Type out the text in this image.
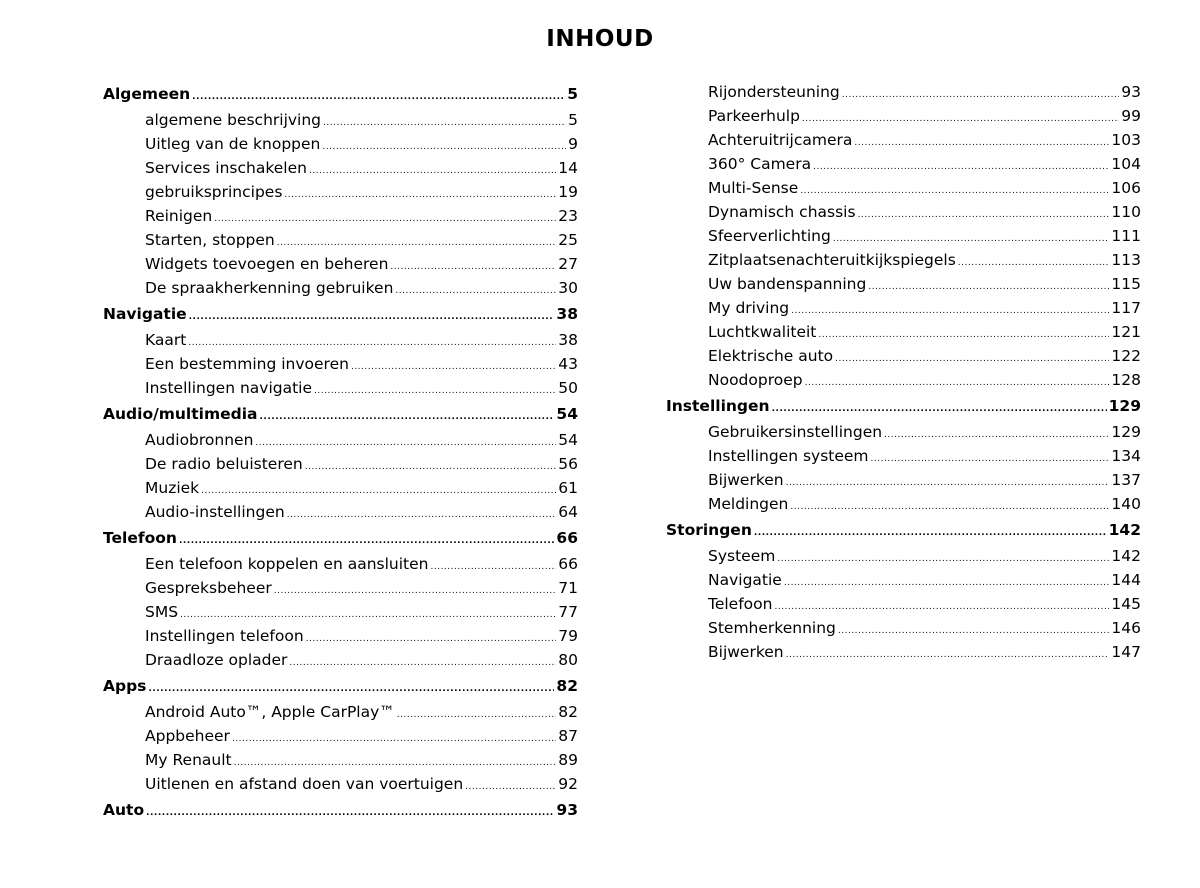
INHOUD
Algemeen .....	5
algemene beschrijving .....	5
Uitleg van de knoppen .....	9
Services inschakelen .....	14
gebruiksprincipes .....	19
Reinigen .....	23
Starten, stoppen .....	25
Widgets toevoegen en beheren .....	27
De spraakherkenning gebruiken .....	30
Navigatie .....	38
Kaart .....	38
Een bestemming invoeren .....	43
Instellingen navigatie .....	50
Audio/multimedia .....	54
Audiobronnen .....	54
De radio beluisteren .....	56
Muziek .....	61
Audio-instellingen .....	64
Telefoon .....	66
Een telefoon koppelen en aansluiten .....	66
Gespreksbeheer .....	71
SMS .....	77
Instellingen telefoon .....	79
Draadloze oplader .....	80
Apps .....	82
Android Auto™, Apple CarPlay™ .....	82
Appbeheer .....	87
My Renault .....	89
Uitlenen en afstand doen van voertuigen .....	92
Auto .....	93
Rijondersteuning .....	93
Parkeerhulp .....	99
Achteruitrijcamera .....	103
360° Camera .....	104
Multi-Sense .....	106
Dynamisch chassis .....	110
Sfeerverlichting .....	111
Zitplaatsenachteruitkijkspiegels .....	113
Uw bandenspanning .....	115
My driving .....	117
Luchtkwaliteit .....	121
Elektrische auto .....	122
Noodoproep .....	128
Instellingen .....	129
Gebruikersinstellingen .....	129
Instellingen systeem .....	134
Bijwerken .....	137
Meldingen .....	140
Storingen .....	142
Systeem .....	142
Navigatie .....	144
Telefoon .....	145
Stemherkenning .....	146
Bijwerken .....	147
